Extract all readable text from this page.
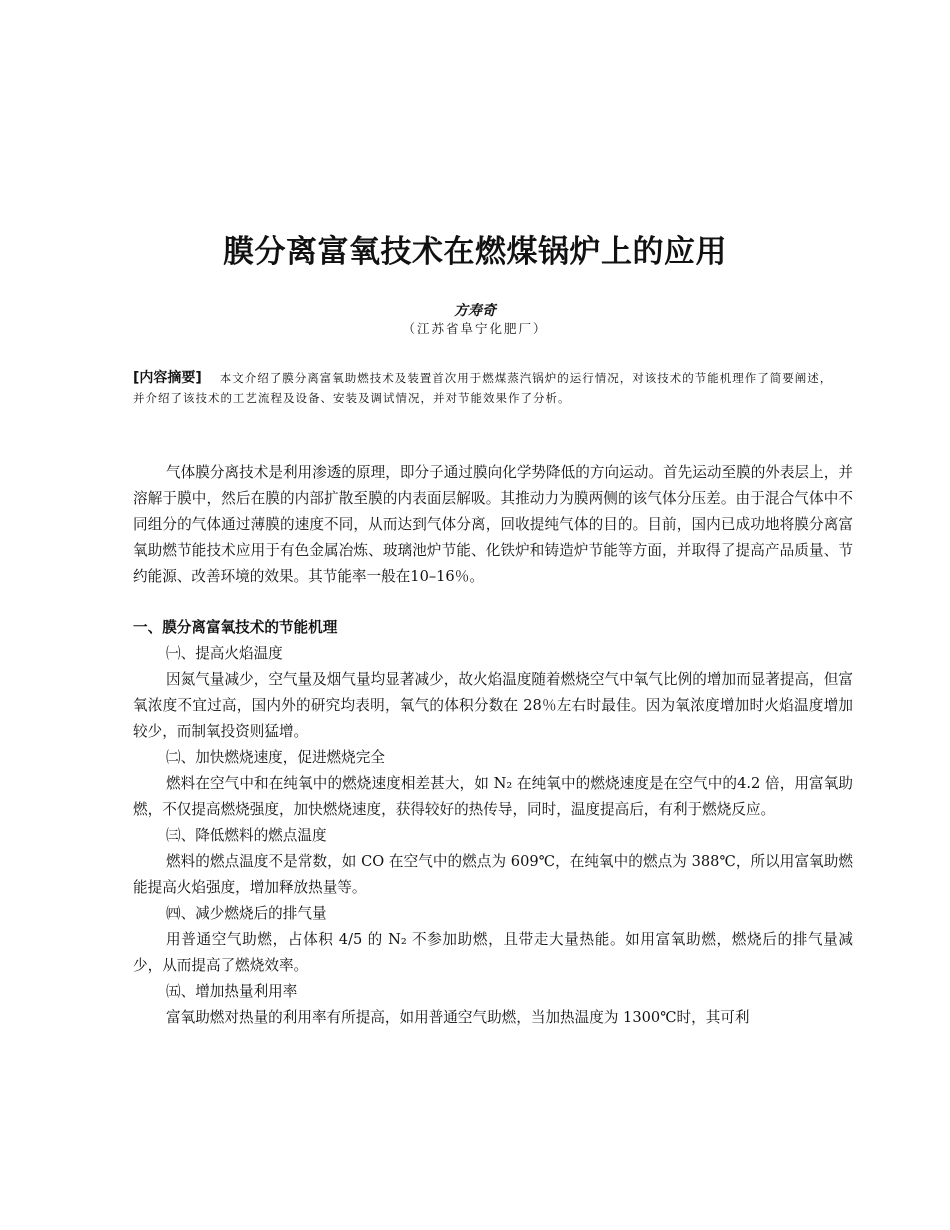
膜分离富氧技术在燃煤锅炉上的应用
方寿奇
（江苏省阜宁化肥厂）

[内容摘要] 本文介绍了膜分离富氧助燃技术及装置首次用于燃煤蒸汽锅炉的运行情况，对该技术的节能机理作了简要阐述，并介绍了该技术的工艺流程及设备、安装及调试情况，并对节能效果作了分析。

气体膜分离技术是利用渗透的原理，即分子通过膜向化学势降低的方向运动。首先运动至膜的外表层上，并溶解于膜中，然后在膜的内部扩散至膜的内表面层解吸。其推动力为膜两侧的该气体分压差。由于混合气体中不同组分的气体通过薄膜的速度不同，从而达到气体分离，回收提纯气体的目的。目前，国内已成功地将膜分离富氧助燃节能技术应用于有色金属冶炼、玻璃池炉节能、化铁炉和铸造炉节能等方面，并取得了提高产品质量、节约能源、改善环境的效果。其节能率一般在10–16％。

一、膜分离富氧技术的节能机理

㈠、提高火焰温度

因氮气量减少，空气量及烟气量均显著减少，故火焰温度随着燃烧空气中氧气比例的增加而显著提高，但富氧浓度不宜过高，国内外的研究均表明，氧气的体积分数在 28％左右时最佳。因为氧浓度增加时火焰温度增加较少，而制氧投资则猛增。

㈡、加快燃烧速度，促进燃烧完全

燃料在空气中和在纯氧中的燃烧速度相差甚大，如 N₂ 在纯氧中的燃烧速度是在空气中的4.2 倍，用富氧助燃，不仅提高燃烧强度，加快燃烧速度，获得较好的热传导，同时，温度提高后，有利于燃烧反应。

㈢、降低燃料的燃点温度

燃料的燃点温度不是常数，如 CO 在空气中的燃点为 609℃，在纯氧中的燃点为 388℃，所以用富氧助燃能提高火焰强度，增加释放热量等。

㈣、减少燃烧后的排气量

用普通空气助燃，占体积 4/5 的 N₂ 不参加助燃，且带走大量热能。如用富氧助燃，燃烧后的排气量减少，从而提高了燃烧效率。

㈤、增加热量利用率

富氧助燃对热量的利用率有所提高，如用普通空气助燃，当加热温度为 1300℃时，其可利
